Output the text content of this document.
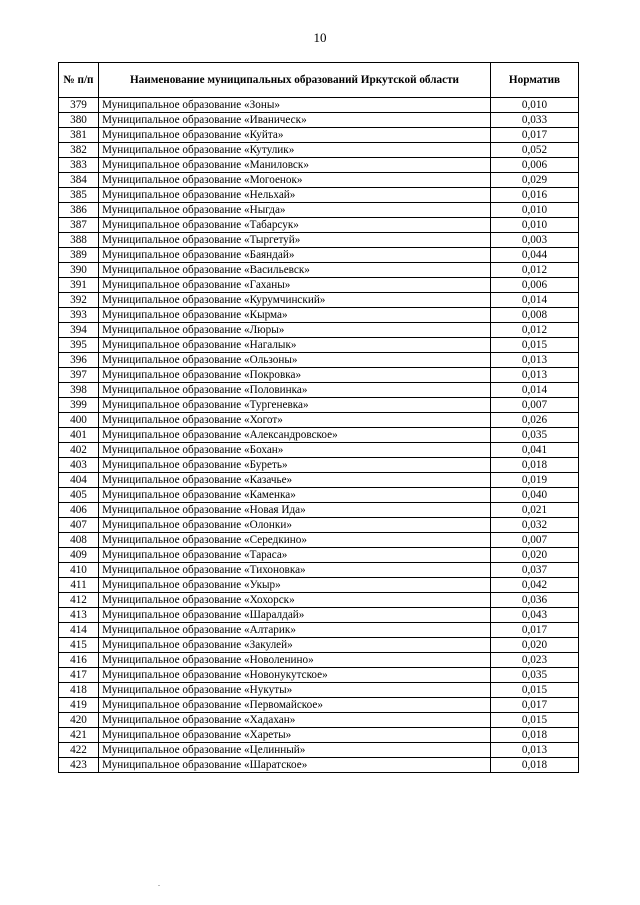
10
№ п/п	Наименование муниципальных образований Иркутской области	Норматив
379	Муниципальное образование «Зоны»	0,010
380	Муниципальное образование «Иваническ»	0,033
381	Муниципальное образование «Куйта»	0,017
382	Муниципальное образование «Кутулик»	0,052
383	Муниципальное образование «Маниловск»	0,006
384	Муниципальное образование «Могоенок»	0,029
385	Муниципальное образование «Нельхай»	0,016
386	Муниципальное образование «Ныгда»	0,010
387	Муниципальное образование «Табарсук»	0,010
388	Муниципальное образование «Тыргетуй»	0,003
389	Муниципальное образование «Баяндай»	0,044
390	Муниципальное образование «Васильевск»	0,012
391	Муниципальное образование «Гаханы»	0,006
392	Муниципальное образование «Курумчинский»	0,014
393	Муниципальное образование «Кырма»	0,008
394	Муниципальное образование «Люры»	0,012
395	Муниципальное образование «Нагалык»	0,015
396	Муниципальное образование «Ользоны»	0,013
397	Муниципальное образование «Покровка»	0,013
398	Муниципальное образование «Половинка»	0,014
399	Муниципальное образование «Тургеневка»	0,007
400	Муниципальное образование «Хогот»	0,026
401	Муниципальное образование «Александровское»	0,035
402	Муниципальное образование «Бохан»	0,041
403	Муниципальное образование «Буреть»	0,018
404	Муниципальное образование «Казачье»	0,019
405	Муниципальное образование «Каменка»	0,040
406	Муниципальное образование «Новая Ида»	0,021
407	Муниципальное образование «Олонки»	0,032
408	Муниципальное образование «Середкино»	0,007
409	Муниципальное образование «Тараса»	0,020
410	Муниципальное образование «Тихоновка»	0,037
411	Муниципальное образование «Укыр»	0,042
412	Муниципальное образование «Хохорск»	0,036
413	Муниципальное образование «Шаралдай»	0,043
414	Муниципальное образование «Алтарик»	0,017
415	Муниципальное образование «Закулей»	0,020
416	Муниципальное образование «Новоленино»	0,023
417	Муниципальное образование «Новонукутское»	0,035
418	Муниципальное образование «Нукуты»	0,015
419	Муниципальное образование «Первомайское»	0,017
420	Муниципальное образование «Хадахан»	0,015
421	Муниципальное образование «Хареты»	0,018
422	Муниципальное образование «Целинный»	0,013
423	Муниципальное образование «Шаратское»	0,018
